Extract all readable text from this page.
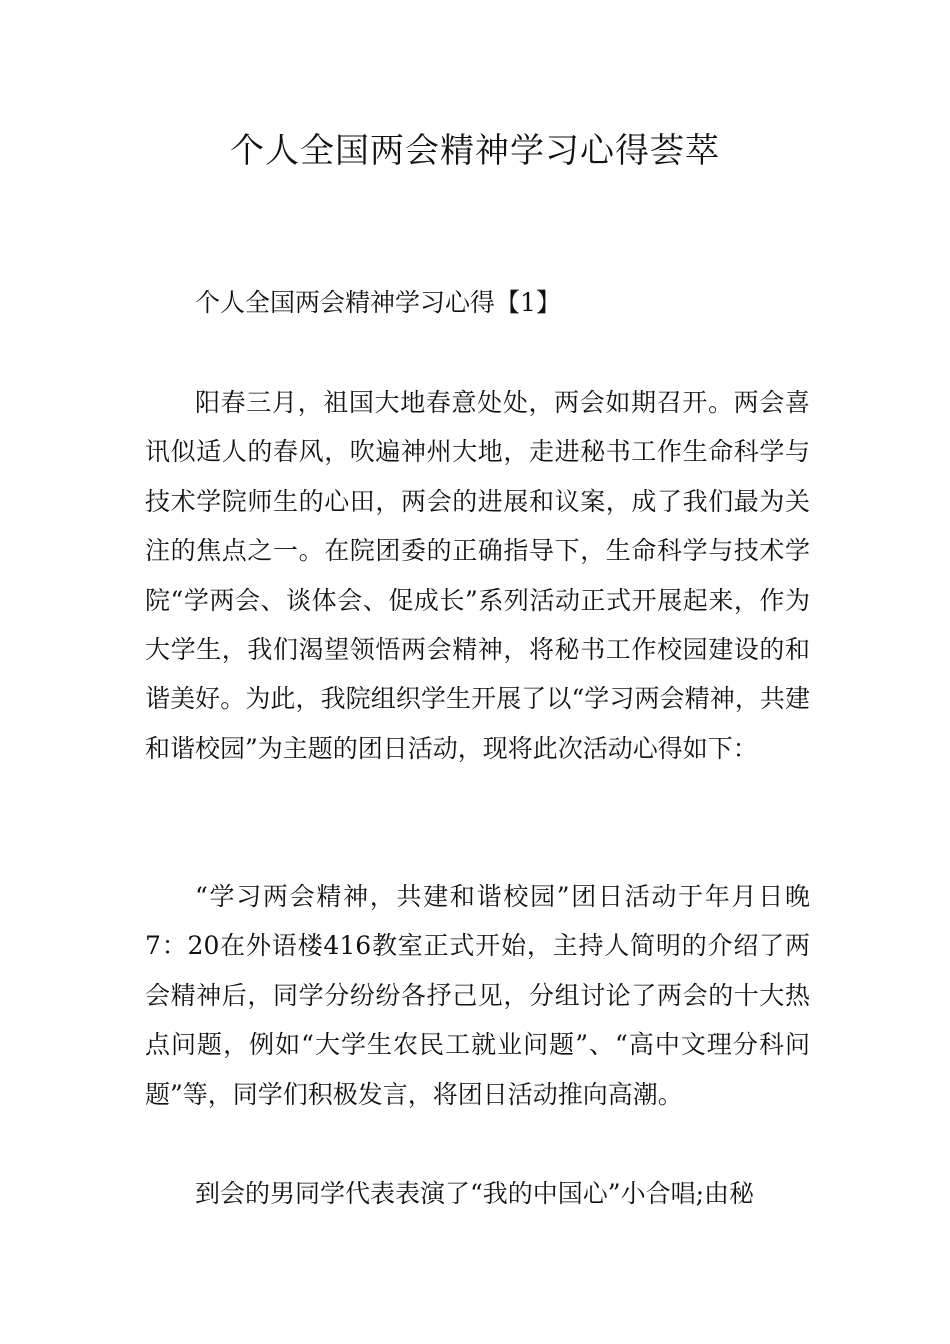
个人全国两会精神学习心得荟萃

个人全国两会精神学习心得【1】

阳春三月，祖国大地春意处处，两会如期召开。两会喜讯似适人的春风，吹遍神州大地，走进秘书工作生命科学与技术学院师生的心田，两会的进展和议案，成了我们最为关注的焦点之一。在院团委的正确指导下，生命科学与技术学院“学两会、谈体会、促成长”系列活动正式开展起来，作为大学生，我们渴望领悟两会精神，将秘书工作校园建设的和谐美好。为此，我院组织学生开展了以“学习两会精神，共建和谐校园”为主题的团日活动，现将此次活动心得如下：

“学习两会精神，共建和谐校园”团日活动于年月日晚7：20在外语楼416教室正式开始，主持人简明的介绍了两会精神后，同学分纷纷各抒己见，分组讨论了两会的十大热点问题，例如“大学生农民工就业问题”、“高中文理分科问题”等，同学们积极发言，将团日活动推向高潮。

到会的男同学代表表演了“我的中国心”小合唱;由秘
